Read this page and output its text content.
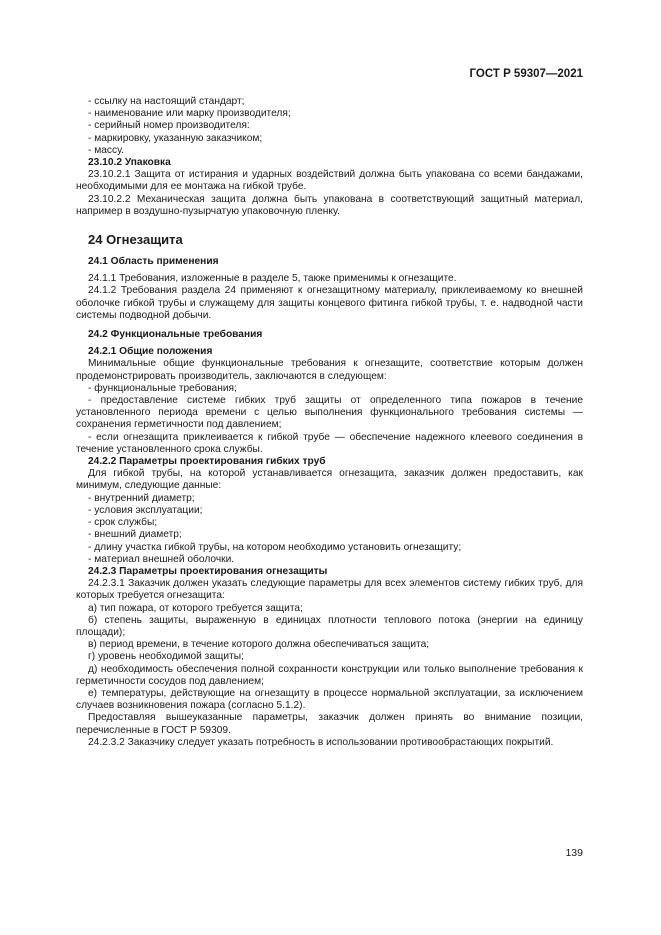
ГОСТ Р 59307—2021

- ссылку на настоящий стандарт;

- наименование или марку производителя;

- серийный номер производителя:

- маркировку, указанную заказчиком;

- массу.

23.10.2 Упаковка

23.10.2.1 Защита от истирания и ударных воздействий должна быть упакована со всеми бандажами, необходимыми для ее монтажа на гибкой трубе.

23.10.2.2 Механическая защита должна быть упакована в соответствующий защитный материал, например в воздушно-пузырчатую упаковочную пленку.

24 Огнезащита

24.1 Область применения

24.1.1 Требования, изложенные в разделе 5, также применимы к огнезащите.

24.1.2 Требования раздела 24 применяют к огнезащитному материалу, приклеиваемому ко внешней оболочке гибкой трубы и служащему для защиты концевого фитинга гибкой трубы, т. е. надводной части системы подводной добычи.

24.2 Функциональные требования

24.2.1 Общие положения

Минимальные общие функциональные требования к огнезащите, соответствие которым должен продемонстрировать производитель, заключаются в следующем:

- функциональные требования;

- предоставление системе гибких труб защиты от определенного типа пожаров в течение установленного периода времени с целью выполнения функционального требования системы — сохранения герметичности под давлением;

- если огнезащита приклеивается к гибкой трубе — обеспечение надежного клеевого соединения в течение установленного срока службы.

24.2.2 Параметры проектирования гибких труб

Для гибкой трубы, на которой устанавливается огнезащита, заказчик должен предоставить, как минимум, следующие данные:

- внутренний диаметр;

- условия эксплуатации;

- срок службы;

- внешний диаметр;

- длину участка гибкой трубы, на котором необходимо установить огнезащиту;

- материал внешней оболочки.

24.2.3 Параметры проектирования огнезащиты

24.2.3.1 Заказчик должен указать следующие параметры для всех элементов систему гибких труб, для которых требуется огнезащита:

а) тип пожара, от которого требуется защита;

б) степень защиты, выраженную в единицах плотности теплового потока (энергии на единицу площади);

в) период времени, в течение которого должна обеспечиваться защита;

г) уровень необходимой защиты;

д) необходимость обеспечения полной сохранности конструкции или только выполнение требования к герметичности сосудов под давлением;

е) температуры, действующие на огнезащиту в процессе нормальной эксплуатации, за исключением случаев возникновения пожара (согласно 5.1.2).

Предоставляя вышеуказанные параметры, заказчик должен принять во внимание позиции, перечисленные в ГОСТ Р 59309.

24.2.3.2 Заказчику следует указать потребность в использовании противообрастающих покрытий.

139
